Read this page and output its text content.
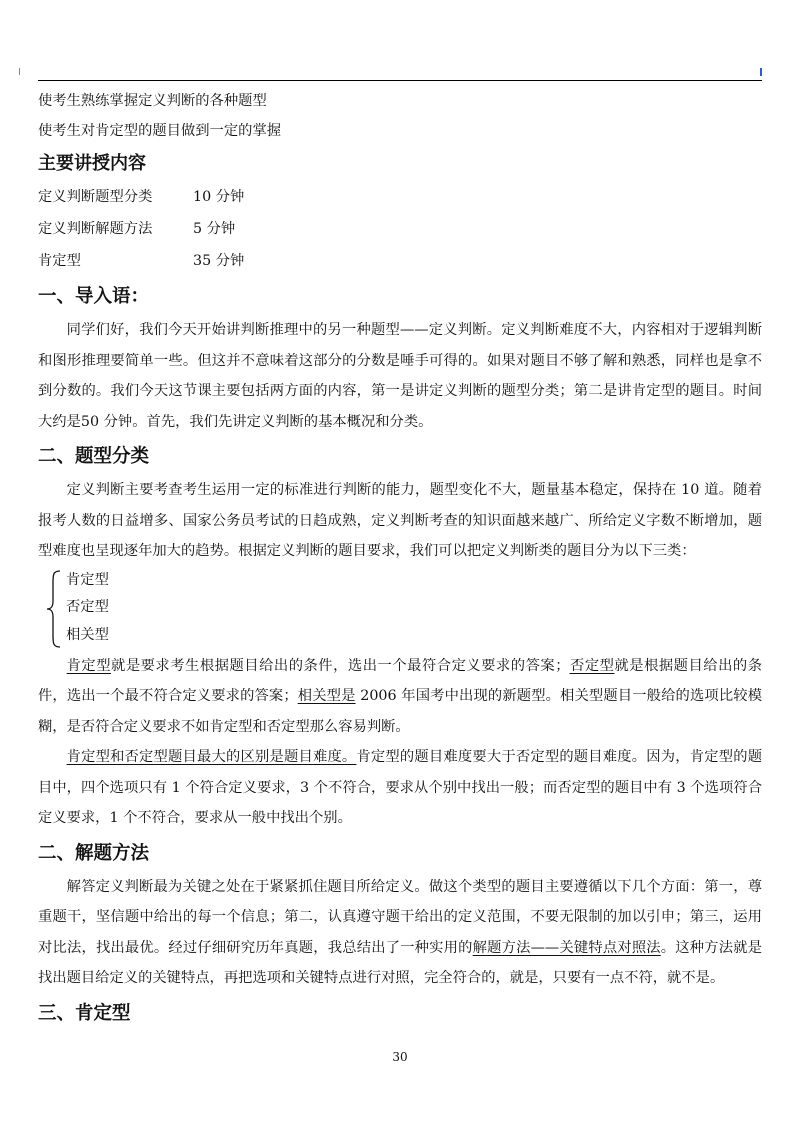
使考生熟练掌握定义判断的各种题型
使考生对肯定型的题目做到一定的掌握
主要讲授内容
定义判断题型分类	10 分钟
定义判断解题方法	5 分钟
肯定型	35 分钟
一、导入语：

同学们好，我们今天开始讲判断推理中的另一种题型——定义判断。定义判断难度不大，内容相对于逻辑判断和图形推理要简单一些。但这并不意味着这部分的分数是唾手可得的。如果对题目不够了解和熟悉，同样也是拿不到分数的。我们今天这节课主要包括两方面的内容，第一是讲定义判断的题型分类；第二是讲肯定型的题目。时间大约是50 分钟。首先，我们先讲定义判断的基本概况和分类。

二、题型分类

定义判断主要考查考生运用一定的标准进行判断的能力，题型变化不大，题量基本稳定，保持在 10 道。随着报考人数的日益增多、国家公务员考试的日趋成熟，定义判断考查的知识面越来越广、所给定义字数不断增加，题型难度也呈现逐年加大的趋势。根据定义判断的题目要求，我们可以把定义判断类的题目分为以下三类：

肯定型
否定型
相关型

肯定型就是要求考生根据题目给出的条件，选出一个最符合定义要求的答案；否定型就是根据题目给出的条件，选出一个最不符合定义要求的答案；相关型是 2006 年国考中出现的新题型。相关型题目一般给的选项比较模糊，是否符合定义要求不如肯定型和否定型那么容易判断。

肯定型和否定型题目最大的区别是题目难度。肯定型的题目难度要大于否定型的题目难度。因为，肯定型的题目中，四个选项只有 1 个符合定义要求，3 个不符合，要求从个别中找出一般；而否定型的题目中有 3 个选项符合定义要求，1 个不符合，要求从一般中找出个别。

二、解题方法

解答定义判断最为关键之处在于紧紧抓住题目所给定义。做这个类型的题目主要遵循以下几个方面：第一，尊重题干，坚信题中给出的每一个信息；第二，认真遵守题干给出的定义范围，不要无限制的加以引申；第三，运用对比法，找出最优。经过仔细研究历年真题，我总结出了一种实用的解题方法——关键特点对照法。这种方法就是找出题目给定义的关键特点，再把选项和关键特点进行对照，完全符合的，就是，只要有一点不符，就不是。

三、肯定型
30
